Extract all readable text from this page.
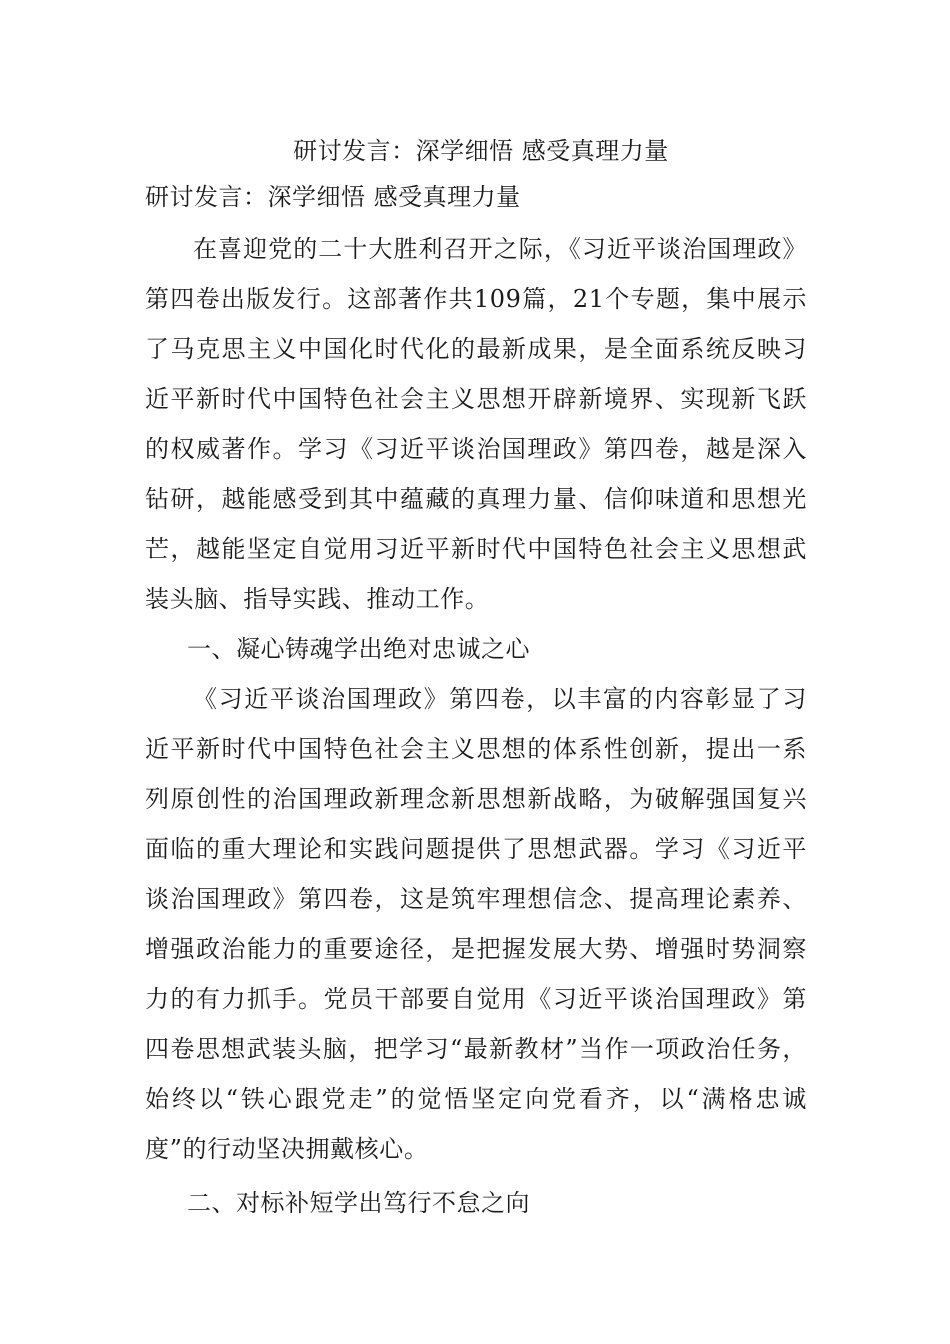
研讨发言：深学细悟 感受真理力量

研讨发言：深学细悟 感受真理力量

在喜迎党的二十大胜利召开之际，《习近平谈治国理政》第四卷出版发行。这部著作共109篇，21个专题，集中展示了马克思主义中国化时代化的最新成果，是全面系统反映习近平新时代中国特色社会主义思想开辟新境界、实现新飞跃的权威著作。学习《习近平谈治国理政》第四卷，越是深入钻研，越能感受到其中蕴藏的真理力量、信仰味道和思想光芒，越能坚定自觉用习近平新时代中国特色社会主义思想武装头脑、指导实践、推动工作。

一、凝心铸魂学出绝对忠诚之心

《习近平谈治国理政》第四卷，以丰富的内容彰显了习近平新时代中国特色社会主义思想的体系性创新，提出一系列原创性的治国理政新理念新思想新战略，为破解强国复兴面临的重大理论和实践问题提供了思想武器。学习《习近平谈治国理政》第四卷，这是筑牢理想信念、提高理论素养、增强政治能力的重要途径，是把握发展大势、增强时势洞察力的有力抓手。党员干部要自觉用《习近平谈治国理政》第四卷思想武装头脑，把学习“最新教材”当作一项政治任务，始终以“铁心跟党走”的觉悟坚定向党看齐，以“满格忠诚度”的行动坚决拥戴核心。

二、对标补短学出笃行不怠之向
